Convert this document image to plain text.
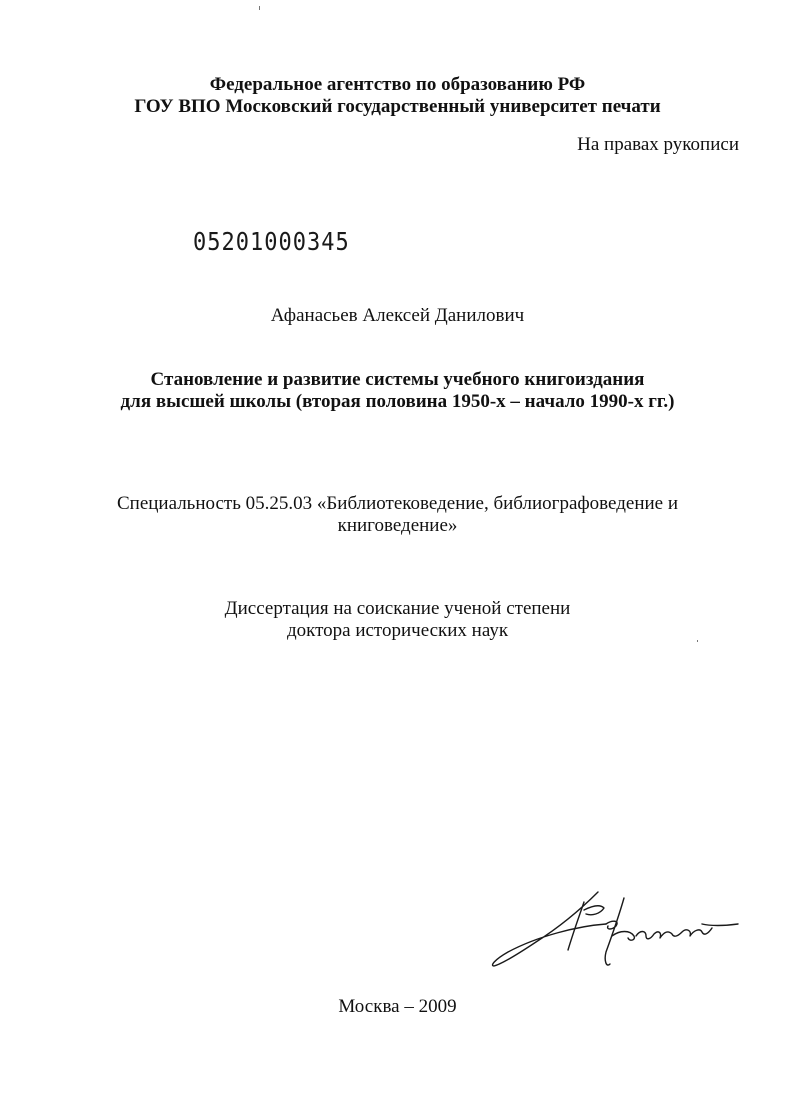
Федеральное агентство по образованию РФ
ГОУ ВПО Московский государственный университет печати
На правах рукописи
05201000345
Афанасьев Алексей Данилович
Становление и развитие системы учебного книгоиздания
для высшей школы (вторая половина 1950-х – начало 1990-х гг.)
Специальность 05.25.03 «Библиотековедение, библиографоведение и
книговедение»
Диссертация на соискание ученой степени
доктора исторических наук
Москва – 2009
